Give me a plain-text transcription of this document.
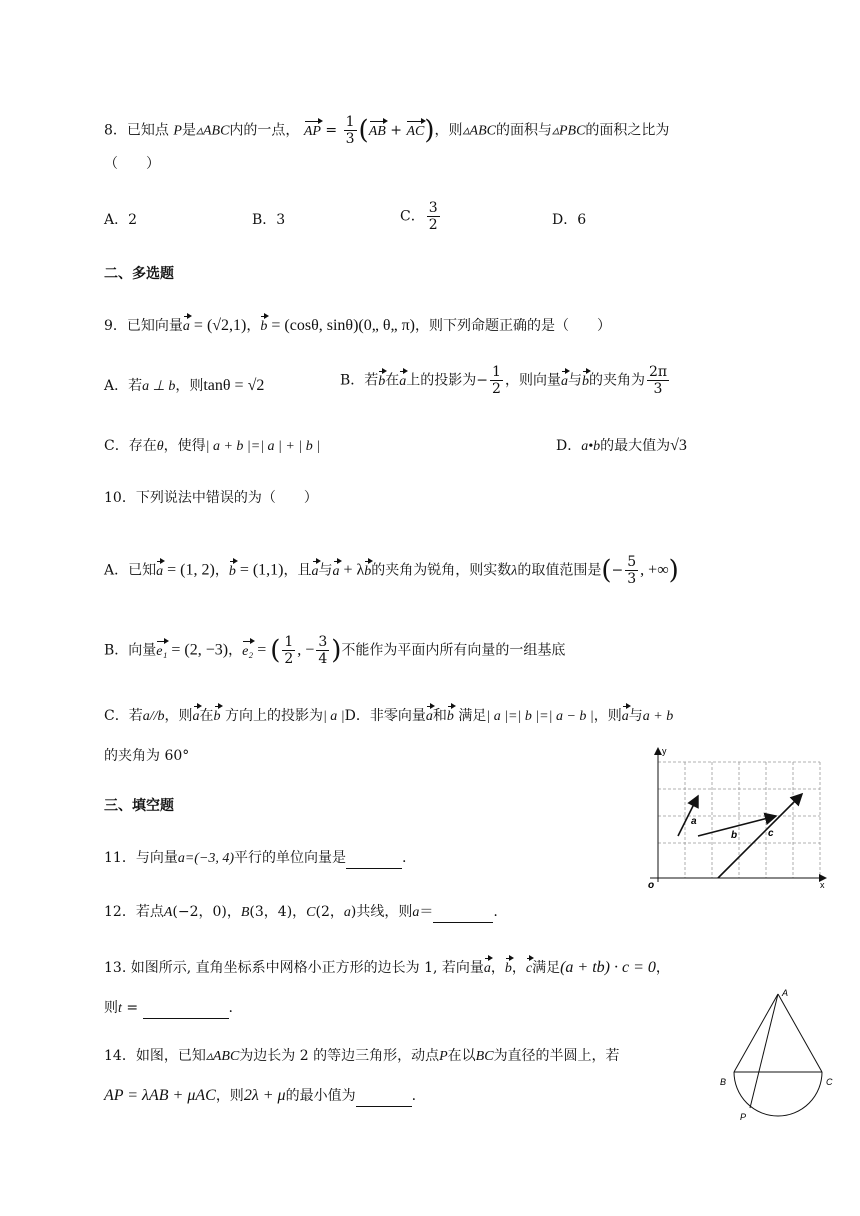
8．已知点 P是▵ABC内的一点， AP = $\frac{1}{3} (AB + AC)$，则▵ABC的面积与▵PBC的面积之比为
（　　）
A．2	B．3	C． $\frac{3}{2}$	D．6
二、多选题
9．已知向量a = (√2,1)，b = (cosθ, sinθ)(0„ θ„ π)，则下列命题正确的是（　　）
A．若a ⊥ b，则tanθ = √2	B．若b在a上的投影为− $\frac{1}{2}$ ，则向量a与b的夹角为 $\frac{2\pi}{3}$
C．存在θ，使得| a + b |=| a | + | b |	D．a•b的最大值为√3
10．下列说法中错误的为（　　）
A．已知a = (1, 2)，b = (1,1)，且a与a + λb的夹角为锐角，则实数λ的取值范围是(− $\frac{5}{3}$ , +∞)
B．向量e₁ = (2, −3)，e₂ = ( $\frac{1}{2}$ , − $\frac{3}{4}$ )不能作为平面内所有向量的一组基底
C．若a//b，则a在b 方向上的投影为| a |D．非零向量a和b 满足| a |=| b |=| a − b |，则a与a + b
的夹角为 60°
三、填空题
11．与向量a=(−3, 4)平行的单位向量是	.
12．若点A(−2，0)，B(3，4)，C(2，a)共线，则a＝	.
13. 如图所示, 直角坐标系中网格小正方形的边长为 1, 若向量a，b，c满足(a + tb) · c = 0，
则t =	.
14．如图，已知▵ABC为边长为 2 的等边三角形，动点P在以BC为直径的半圆上，若
AP = λAB + μAC，则2λ + μ的最小值为	.
y
x
o
a
b	c
A
B	C
P
